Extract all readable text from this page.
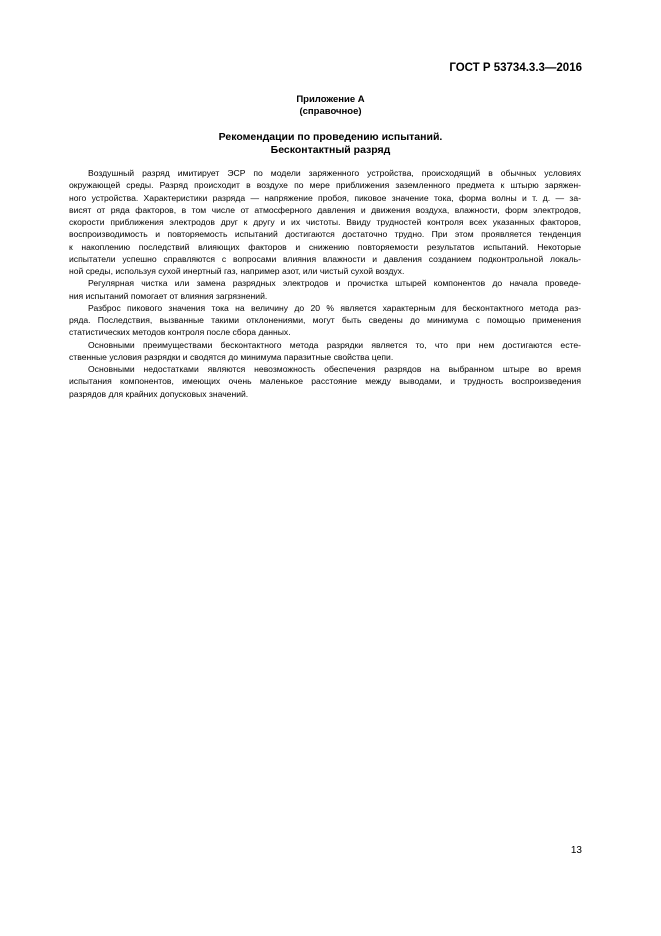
ГОСТ Р 53734.3.3—2016
Приложение А
(справочное)
Рекомендации по проведению испытаний.
Бесконтактный разряд

Воздушный разряд имитирует ЭСР по модели заряженного устройства, происходящий в обычных условиях
окружающей среды. Разряд происходит в воздухе по мере приближения заземленного предмета к штырю заряжен-
ного устройства. Характеристики разряда — напряжение пробоя, пиковое значение тока, форма волны и т. д. — за-
висят от ряда факторов, в том числе от атмосферного давления и движения воздуха, влажности, форм электродов,
скорости приближения электродов друг к другу и их чистоты. Ввиду трудностей контроля всех указанных факторов,
воспроизводимость и повторяемость испытаний достигаются достаточно трудно. При этом проявляется тенденция
к накоплению последствий влияющих факторов и снижению повторяемости результатов испытаний. Некоторые
испытатели успешно справляются с вопросами влияния влажности и давления созданием подконтрольной локаль-
ной среды, используя сухой инертный газ, например азот, или чистый сухой воздух.

Регулярная чистка или замена разрядных электродов и прочистка штырей компонентов до начала проведе-
ния испытаний помогает от влияния загрязнений.

Разброс пикового значения тока на величину до 20 % является характерным для бесконтактного метода раз-
ряда. Последствия, вызванные такими отклонениями, могут быть сведены до минимума с помощью применения
статистических методов контроля после сбора данных.

Основными преимуществами бесконтактного метода разрядки является то, что при нем достигаются есте-
ственные условия разрядки и сводятся до минимума паразитные свойства цепи.

Основными недостатками являются невозможность обеспечения разрядов на выбранном штыре во время
испытания компонентов, имеющих очень маленькое расстояние между выводами, и трудность воспроизведения
разрядов для крайних допусковых значений.

13
